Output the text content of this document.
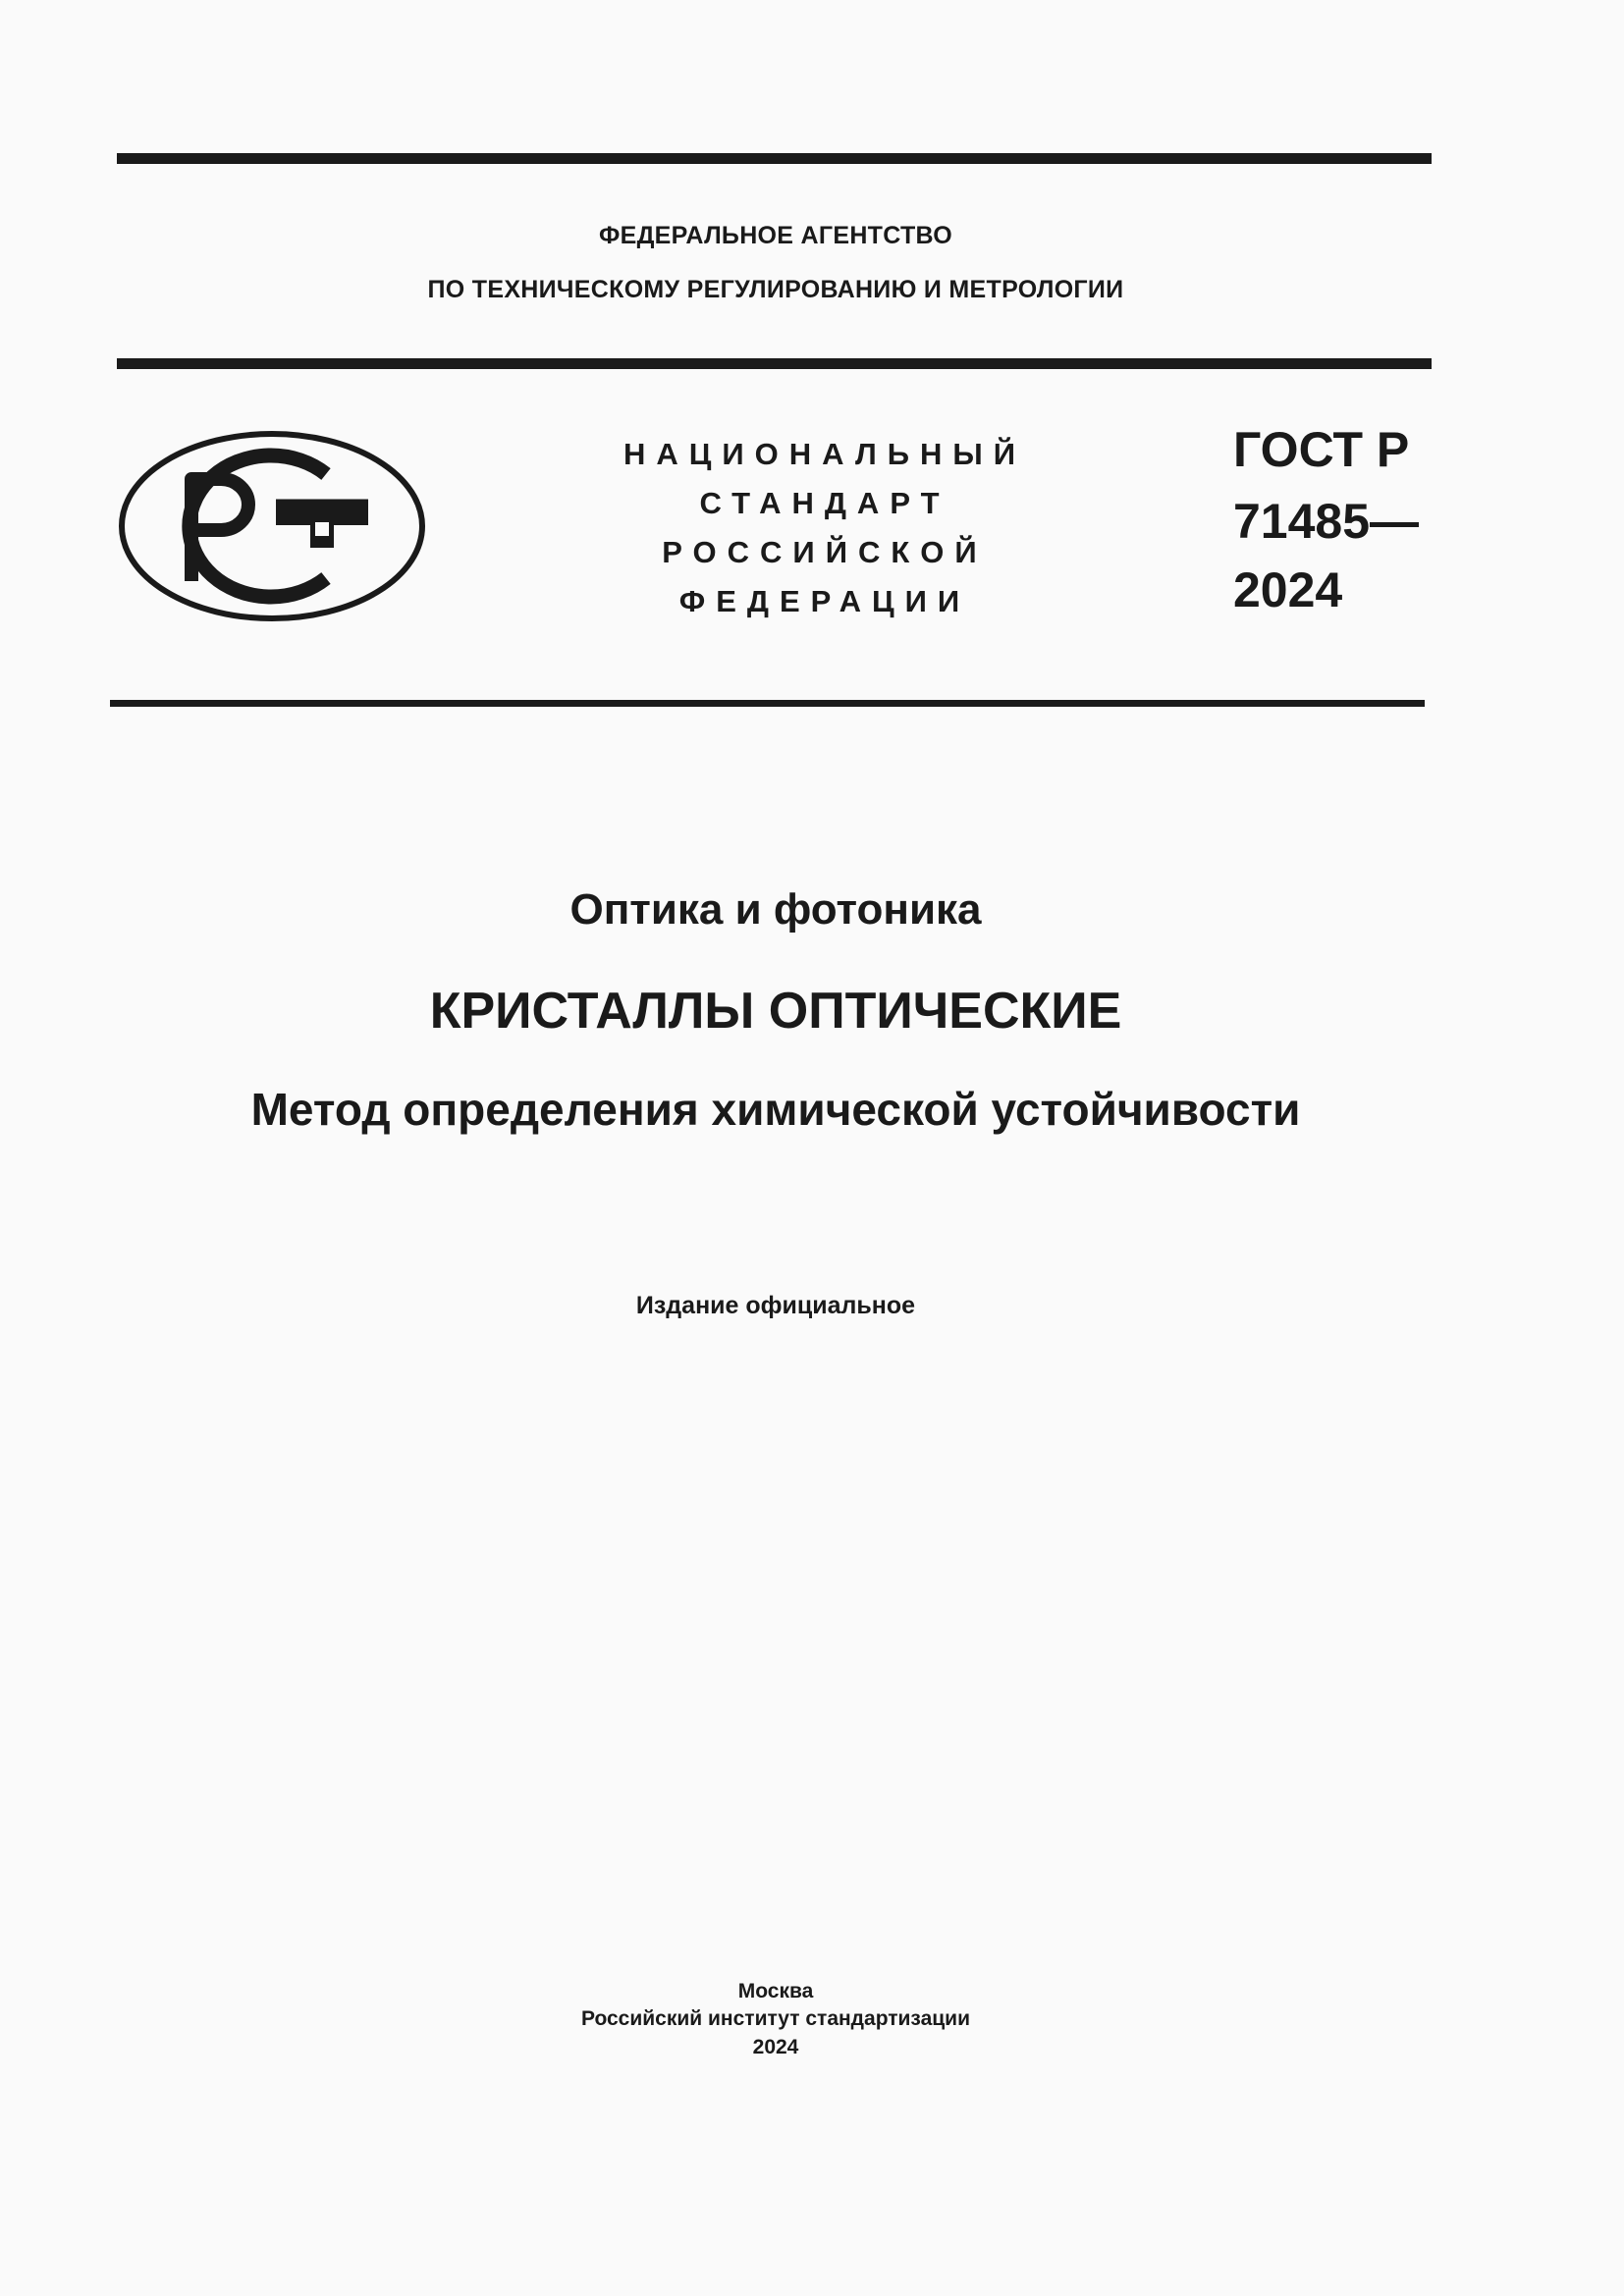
ФЕДЕРАЛЬНОЕ АГЕНТСТВО
ПО ТЕХНИЧЕСКОМУ РЕГУЛИРОВАНИЮ И МЕТРОЛОГИИ
НАЦИОНАЛЬНЫЙ
СТАНДАРТ
РОССИЙСКОЙ
ФЕДЕРАЦИИ
ГОСТ Р
71485—
2024
Оптика и фотоника
КРИСТАЛЛЫ ОПТИЧЕСКИЕ
Метод определения химической устойчивости
Издание официальное
Москва
Российский институт стандартизации
2024
